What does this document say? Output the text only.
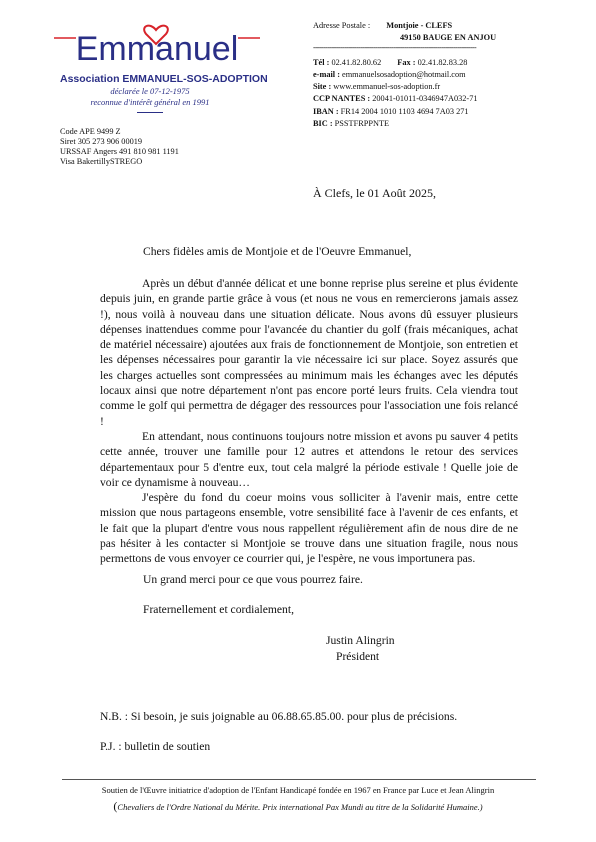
Emmanuel
Association EMMANUEL-SOS-ADOPTION
déclarée le 07-12-1975
reconnue d'intérêt général en 1991
Code APE 9499 Z
Siret 305 273 906 00019
URSSAF Angers 491 810 981 1191
Visa BakertillySTREGO
Adresse Postale : Montjoie - CLEFS
49150 BAUGE EN ANJOU
-------------------------------------------------------------------------------
Tél : 02.41.82.80.62 Fax : 02.41.82.83.28
e-mail : emmanuelsosadoption@hotmail.com
Site : www.emmanuel-sos-adoption.fr
CCP NANTES : 20041-01011-0346947A032-71
IBAN : FR14 2004 1010 1103 4694 7A03 271
BIC : PSSTFRPPNTE
À Clefs, le 01 Août 2025,
Chers fidèles amis de Montjoie et de l'Oeuvre Emmanuel,

Après un début d'année délicat et une bonne reprise plus sereine et plus évidente depuis juin, en grande partie grâce à vous (et nous ne vous en remercierons jamais assez !), nous voilà à nouveau dans une situation délicate. Nous avons dû essuyer plusieurs dépenses inattendues comme pour l'avancée du chantier du golf (frais mécaniques, achat de matériel nécessaire) ajoutées aux frais de fonctionnement de Montjoie, son entretien et les dépenses nécessaires pour garantir la vie nécessaire ici sur place. Soyez assurés que les charges actuelles sont compressées au minimum mais les échanges avec les députés locaux ainsi que notre département n'ont pas encore porté leurs fruits. Cela viendra tout comme le golf qui permettra de dégager des ressources pour l'association une fois relancé !

En attendant, nous continuons toujours notre mission et avons pu sauver 4 petits cette année, trouver une famille pour 12 autres et attendons le retour des services départementaux pour 5 d'entre eux, tout cela malgré la période estivale ! Quelle joie de voir ce dynamisme à nouveau…

J'espère du fond du coeur moins vous solliciter à l'avenir mais, entre cette mission que nous partageons ensemble, votre sensibilité face à l'avenir de ces enfants, et le fait que la plupart d'entre vous nous rappellent régulièrement afin de nous dire de ne pas hésiter à les contacter si Montjoie se trouve dans une situation fragile, nous nous permettons de vous envoyer ce courrier qui, je l'espère, ne vous importunera pas.

Un grand merci pour ce que vous pourrez faire.
Fraternellement et cordialement,
Justin Alingrin
Président
N.B. : Si besoin, je suis joignable au 06.88.65.85.00. pour plus de précisions.
P.J. : bulletin de soutien
Soutien de l'Œuvre initiatrice d'adoption de l'Enfant Handicapé fondée en 1967 en France par Luce et Jean Alingrin
(Chevaliers de l'Ordre National du Mérite. Prix international Pax Mundi au titre de la Solidarité Humaine.)
